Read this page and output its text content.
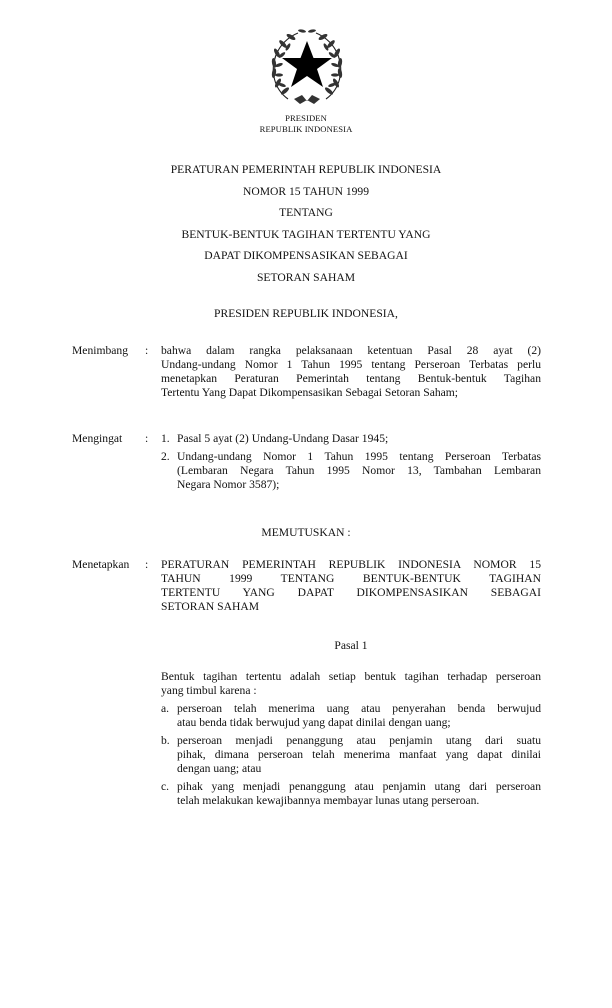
PRESIDEN
REPUBLIK INDONESIA
PERATURAN PEMERINTAH REPUBLIK INDONESIA
NOMOR 15 TAHUN 1999
TENTANG
BENTUK-BENTUK TAGIHAN TERTENTU YANG
DAPAT DIKOMPENSASIKAN SEBAGAI
SETORAN SAHAM
PRESIDEN REPUBLIK INDONESIA,
Menimbang	: bahwa dalam rangka pelaksanaan ketentuan Pasal 28 ayat (2)
Undang-undang Nomor 1 Tahun 1995 tentang Perseroan Terbatas perlu
menetapkan Peraturan Pemerintah tentang Bentuk-bentuk Tagihan
Tertentu Yang Dapat Dikompensasikan Sebagai Setoran Saham;
Mengingat	: 1. Pasal 5 ayat (2) Undang-Undang Dasar 1945;
2. Undang-undang Nomor 1 Tahun 1995 tentang Perseroan Terbatas
(Lembaran Negara Tahun 1995 Nomor 13, Tambahan Lembaran
Negara Nomor 3587);
MEMUTUSKAN :
Menetapkan	: PERATURAN PEMERINTAH REPUBLIK INDONESIA NOMOR 15
TAHUN 1999 TENTANG BENTUK-BENTUK TAGIHAN
TERTENTU YANG DAPAT DIKOMPENSASIKAN SEBAGAI
SETORAN SAHAM
Pasal 1
Bentuk tagihan tertentu adalah setiap bentuk tagihan terhadap perseroan
yang timbul karena :
a. perseroan telah menerima uang atau penyerahan benda berwujud
atau benda tidak berwujud yang dapat dinilai dengan uang;
b. perseroan menjadi penanggung atau penjamin utang dari suatu
pihak, dimana perseroan telah menerima manfaat yang dapat dinilai
dengan uang; atau
c. pihak yang menjadi penanggung atau penjamin utang dari perseroan
telah melakukan kewajibannya membayar lunas utang perseroan.
